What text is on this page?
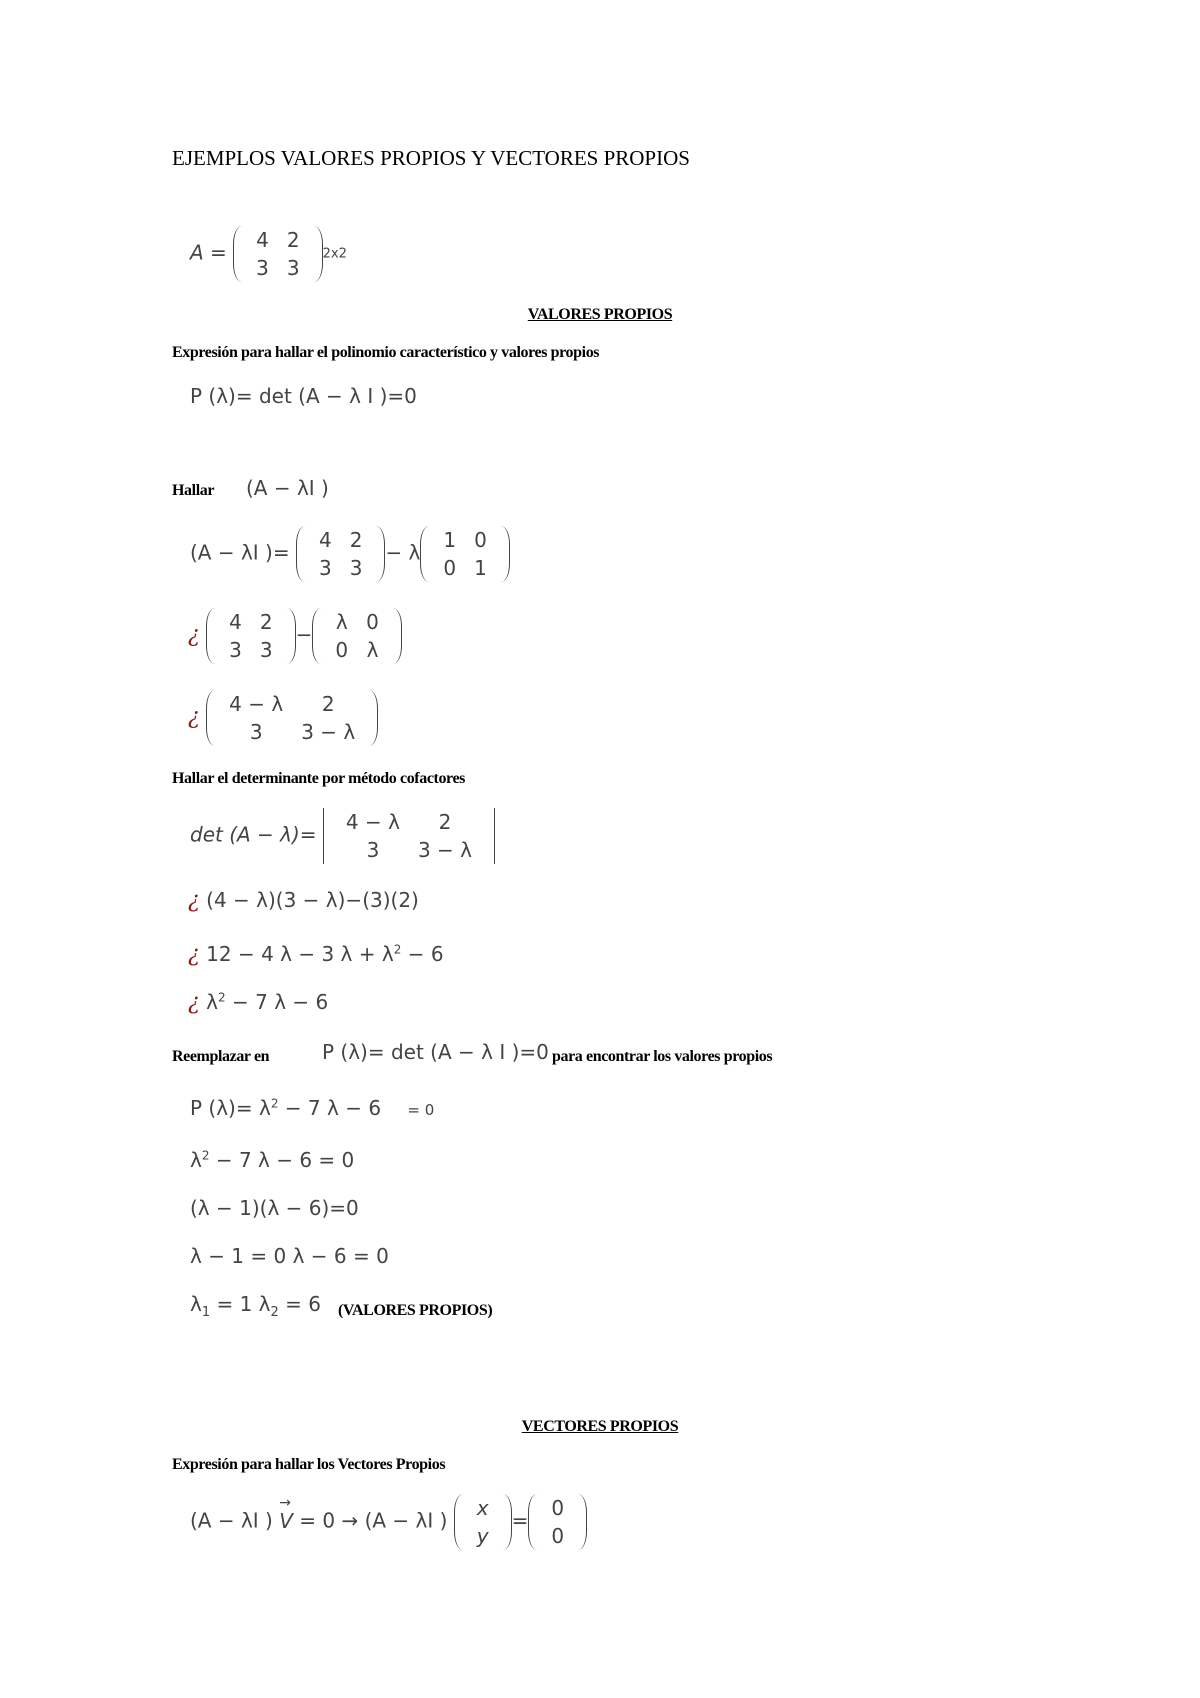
EJEMPLOS VALORES PROPIOS Y VECTORES PROPIOS
A =
4	2
3	3
2x2
VALORES PROPIOS
Expresión para hallar el polinomio característico y valores propios
P (λ)= det (A − λ I )=0
Hallar (A − λI )
(A − λI )=
4	2
3	3
− λ
1	0
0	1
¿
4	2
3	3
−
λ	0
0	λ
¿
4 − λ	2
3	3 − λ
Hallar el determinante por método cofactores
det (A − λ)=
4 − λ	2
3	3 − λ
¿ (4 − λ)(3 − λ)−(3)(2)
¿ 12 − 4 λ − 3 $\lambda + \lambda^2 - 6$
¿ $\lambda^2 - 7$ λ − 6
Reemplazar en	P (λ)= det (A − λ I )=0 para encontrar los valores propios
P $(\lambda)= \lambda^2 - 7$ λ − 6 = 0
$\lambda^2 - 7$ λ − 6 = 0
(λ − 1)(λ − 6)=0
λ − 1 = 0 λ − 6 = 0
$\lambda_1 = 1$ $\lambda_2 = 6$ (VALORES PROPIOS)
VECTORES PROPIOS
Expresión para hallar los Vectores Propios
(A − λI )
→
V = 0 → (A − λI )
x
y
=
0
0
